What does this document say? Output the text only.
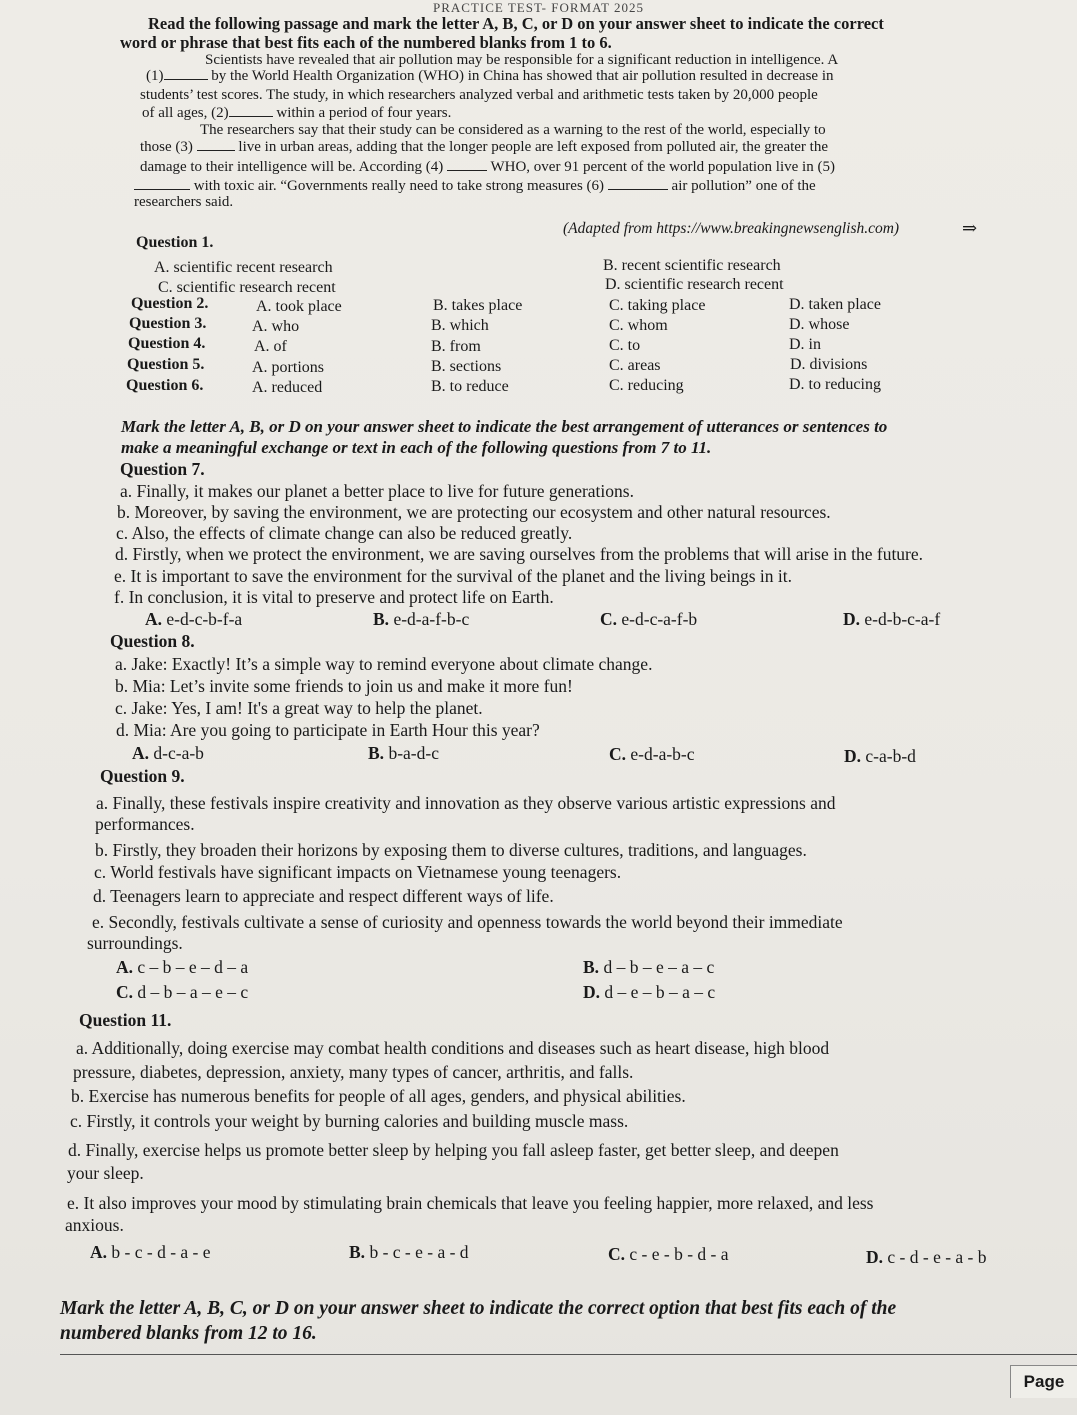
PRACTICE TEST- FORMAT 2025
Read the following passage and mark the letter A, B, C, or D on your answer sheet to indicate the correct
word or phrase that best fits each of the numbered blanks from 1 to 6.
Scientists have revealed that air pollution may be responsible for a significant reduction in intelligence. A
(1)	by the World Health Organization (WHO) in China has showed that air pollution resulted in decrease in
students’ test scores. The study, in which researchers analyzed verbal and arithmetic tests taken by 20,000 people
of all ages, (2)	within a period of four years.
The researchers say that their study can be considered as a warning to the rest of the world, especially to
those (3)	live in urban areas, adding that the longer people are left exposed from polluted air, the greater the
damage to their intelligence will be. According (4)	WHO, over 91 percent of the world population live in (5)
with toxic air. “Governments really need to take strong measures (6)	air pollution” one of the
researchers said.
(Adapted from https://www.breakingnewsenglish.com)	⇒
Question 1.
A. scientific recent research	B. recent scientific research
C. scientific research recent	D. scientific research recent
Question 2.	A. took place	B. takes place	C. taking place	D. taken place
Question 3.	A. who	B. which	C. whom	D. whose
Question 4.	A. of	B. from	C. to	D. in
Question 5.	A. portions	B. sections	C. areas	D. divisions
Question 6.	A. reduced	B. to reduce	C. reducing	D. to reducing
Mark the letter A, B, or D on your answer sheet to indicate the best arrangement of utterances or sentences to
make a meaningful exchange or text in each of the following questions from 7 to 11.
Question 7.
a. Finally, it makes our planet a better place to live for future generations.
b. Moreover, by saving the environment, we are protecting our ecosystem and other natural resources.
c. Also, the effects of climate change can also be reduced greatly.
d. Firstly, when we protect the environment, we are saving ourselves from the problems that will arise in the future.
e. It is important to save the environment for the survival of the planet and the living beings in it.
f. In conclusion, it is vital to preserve and protect life on Earth.
A. e-d-c-b-f-a	B. e-d-a-f-b-c	C. e-d-c-a-f-b	D. e-d-b-c-a-f
Question 8.
a. Jake: Exactly! It’s a simple way to remind everyone about climate change.
b. Mia: Let’s invite some friends to join us and make it more fun!
c. Jake: Yes, I am! It's a great way to help the planet.
d. Mia: Are you going to participate in Earth Hour this year?
A. d-c-a-b	B. b-a-d-c	C. e-d-a-b-c	D. c-a-b-d
Question 9.
a. Finally, these festivals inspire creativity and innovation as they observe various artistic expressions and
performances.
b. Firstly, they broaden their horizons by exposing them to diverse cultures, traditions, and languages.
c. World festivals have significant impacts on Vietnamese young teenagers.
d. Teenagers learn to appreciate and respect different ways of life.
e. Secondly, festivals cultivate a sense of curiosity and openness towards the world beyond their immediate
surroundings.
A. c – b – e – d – a	B. d – b – e – a – c
C. d – b – a – e – c	D. d – e – b – a – c
Question 11.
a. Additionally, doing exercise may combat health conditions and diseases such as heart disease, high blood
pressure, diabetes, depression, anxiety, many types of cancer, arthritis, and falls.
b. Exercise has numerous benefits for people of all ages, genders, and physical abilities.
c. Firstly, it controls your weight by burning calories and building muscle mass.
d. Finally, exercise helps us promote better sleep by helping you fall asleep faster, get better sleep, and deepen
your sleep.
e. It also improves your mood by stimulating brain chemicals that leave you feeling happier, more relaxed, and less
anxious.
A. b - c - d - a - e	B. b - c - e - a - d	C. c - e - b - d - a	D. c - d - e - a - b
Mark the letter A, B, C, or D on your answer sheet to indicate the correct option that best fits each of the
numbered blanks from 12 to 16.
Page
